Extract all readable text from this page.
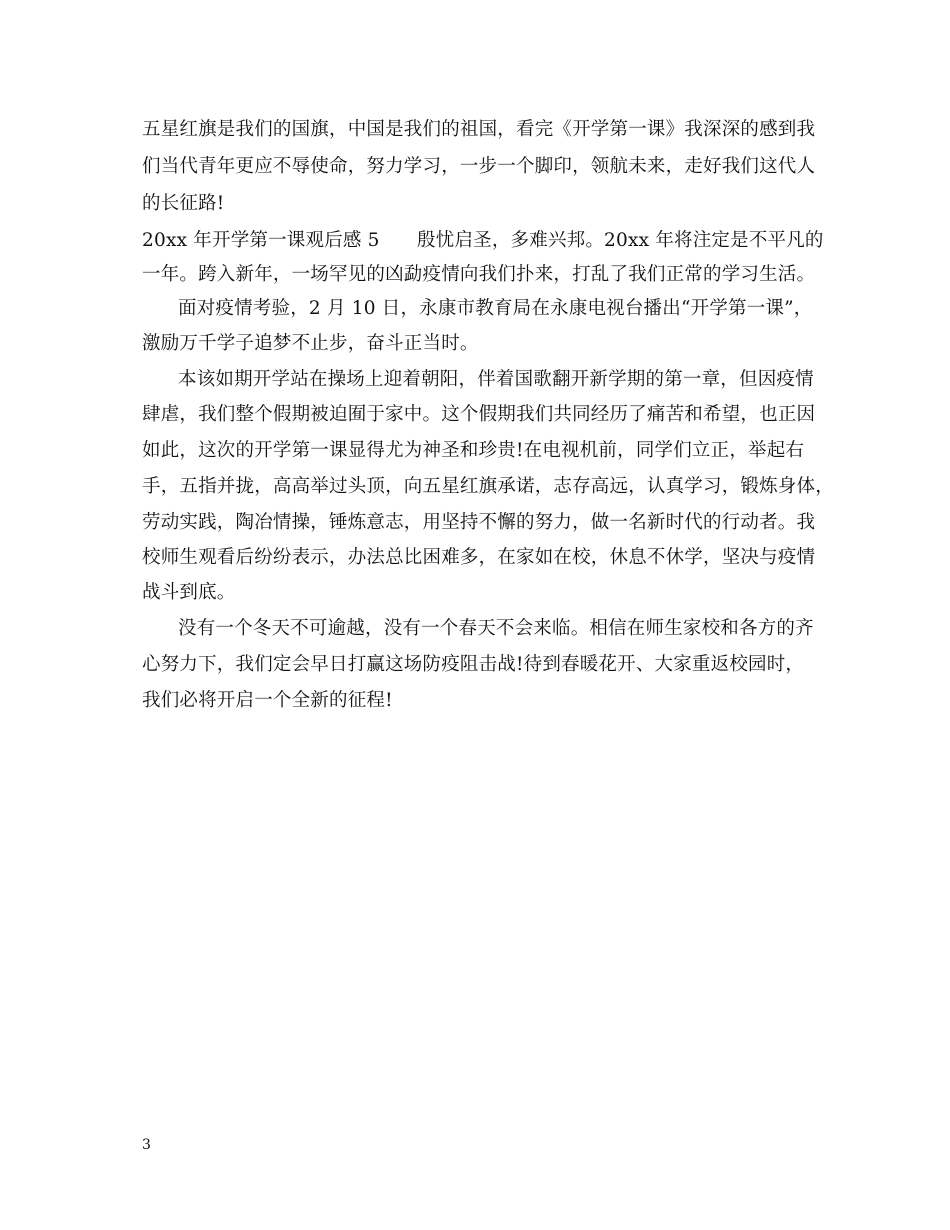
五星红旗是我们的国旗，中国是我们的祖国，看完《开学第一课》我深深的感到我
们当代青年更应不辱使命，努力学习，一步一个脚印，领航未来，走好我们这代人
的长征路!
20xx 年开学第一课观后感 5　　殷忧启圣，多难兴邦。20xx 年将注定是不平凡的
一年。跨入新年，一场罕见的凶勐疫情向我们扑来，打乱了我们正常的学习生活。
面对疫情考验，2 月 10 日，永康市教育局在永康电视台播出“开学第一课”，
激励万千学子追梦不止步，奋斗正当时。
本该如期开学站在操场上迎着朝阳，伴着国歌翻开新学期的第一章，但因疫情
肆虐，我们整个假期被迫囿于家中。这个假期我们共同经历了痛苦和希望，也正因
如此，这次的开学第一课显得尤为神圣和珍贵!在电视机前，同学们立正，举起右
手，五指并拢，高高举过头顶，向五星红旗承诺，志存高远，认真学习，锻炼身体，
劳动实践，陶冶情操，锤炼意志，用坚持不懈的努力，做一名新时代的行动者。我
校师生观看后纷纷表示，办法总比困难多，在家如在校，休息不休学，坚决与疫情
战斗到底。
没有一个冬天不可逾越，没有一个春天不会来临。相信在师生家校和各方的齐
心努力下，我们定会早日打赢这场防疫阻击战!待到春暖花开、大家重返校园时，
我们必将开启一个全新的征程!
3
